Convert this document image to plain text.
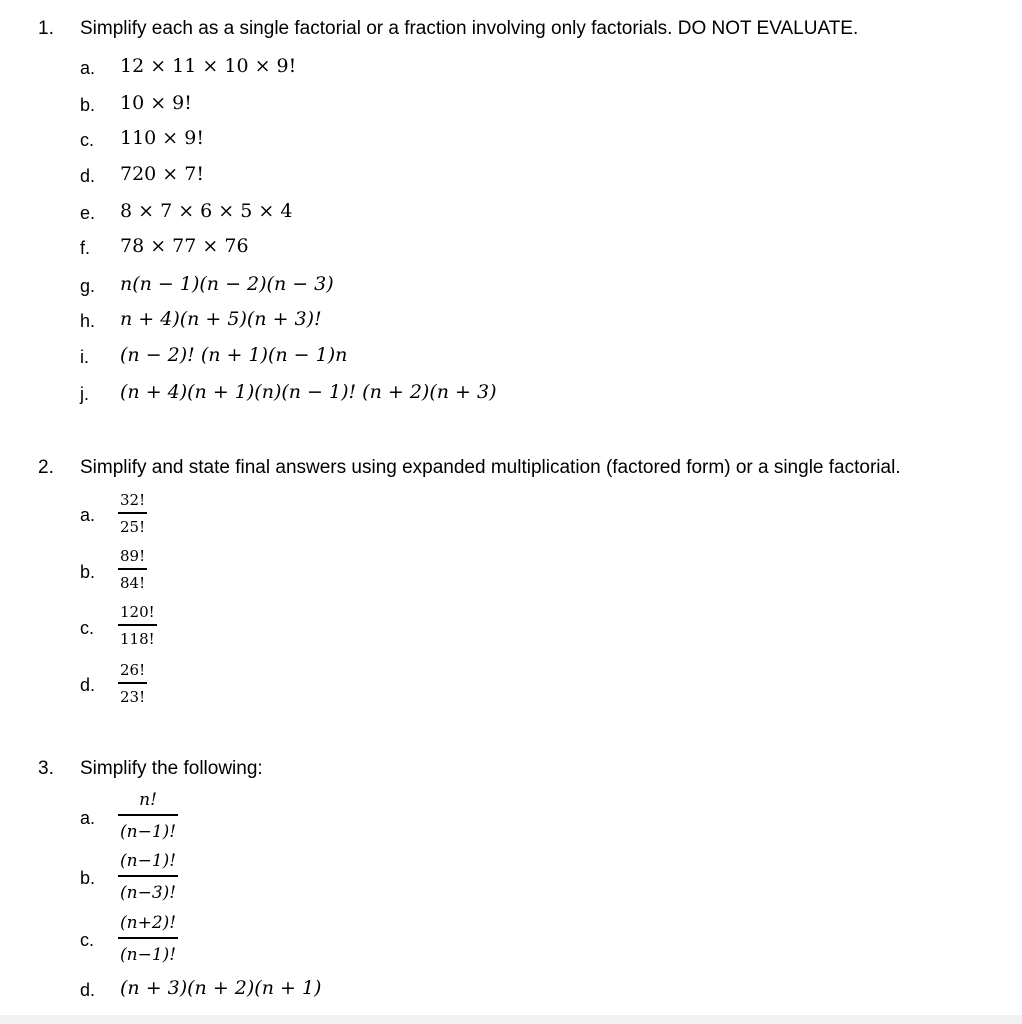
1. Simplify each as a single factorial or a fraction involving only factorials. DO NOT EVALUATE.
a. 12 × 11 × 10 × 9!
b. 10 × 9!
c. 110 × 9!
d. 720 × 7!
e. 8 × 7 × 6 × 5 × 4
f. 78 × 77 × 76
g. n(n − 1)(n − 2)(n − 3)
h. n + 4)(n + 5)(n + 3)!
i. (n − 2)! (n + 1)(n − 1)n
j. (n + 4)(n + 1)(n)(n − 1)! (n + 2)(n + 3)
2. Simplify and state final answers using expanded multiplication (factored form) or a single factorial.
a.
32!
25!
b.
89!
84!
c.
120!
118!
d.
26!
23!
3. Simplify the following:
a.
n!
(n−1)!
b.
(n−1)!
(n−3)!
c.
(n+2)!
(n−1)!
d. (n + 3)(n + 2)(n + 1)
